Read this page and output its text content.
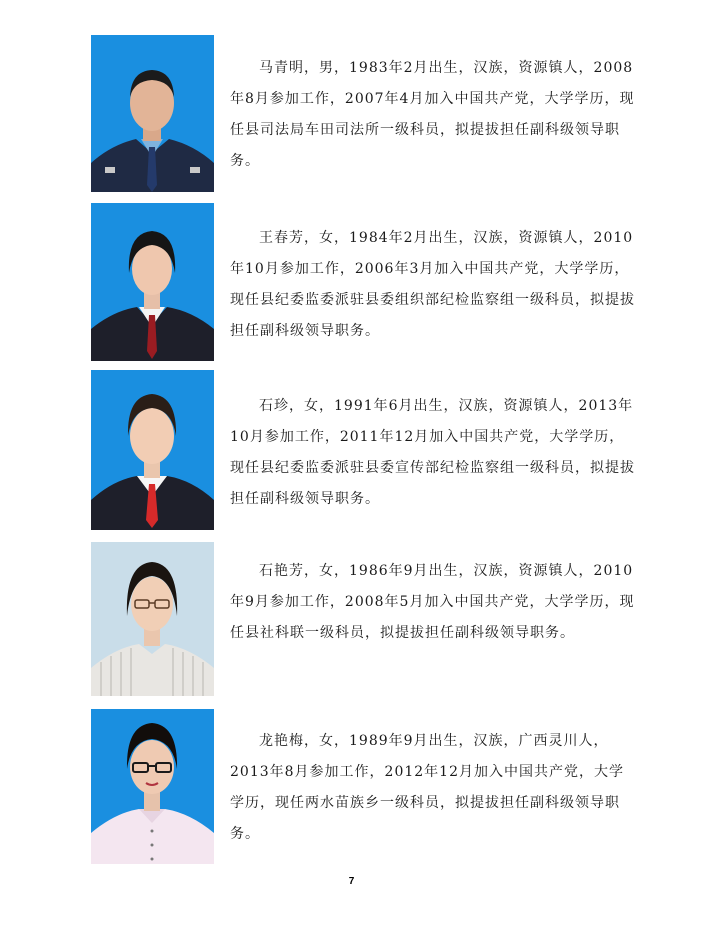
马青明，男，1983年2月出生，汉族，资源镇人，2008年8月参加工作，2007年4月加入中国共产党，大学学历，现任县司法局车田司法所一级科员，拟提拔担任副科级领导职务。

王春芳，女，1984年2月出生，汉族，资源镇人，2010年10月参加工作，2006年3月加入中国共产党，大学学历，现任县纪委监委派驻县委组织部纪检监察组一级科员，拟提拔担任副科级领导职务。

石珍，女，1991年6月出生，汉族，资源镇人，2013年10月参加工作，2011年12月加入中国共产党，大学学历，现任县纪委监委派驻县委宣传部纪检监察组一级科员，拟提拔担任副科级领导职务。

石艳芳，女，1986年9月出生，汉族，资源镇人，2010年9月参加工作，2008年5月加入中国共产党，大学学历，现任县社科联一级科员，拟提拔担任副科级领导职务。

龙艳梅，女，1989年9月出生，汉族，广西灵川人，2013年8月参加工作，2012年12月加入中国共产党，大学学历，现任两水苗族乡一级科员，拟提拔担任副科级领导职务。

7
